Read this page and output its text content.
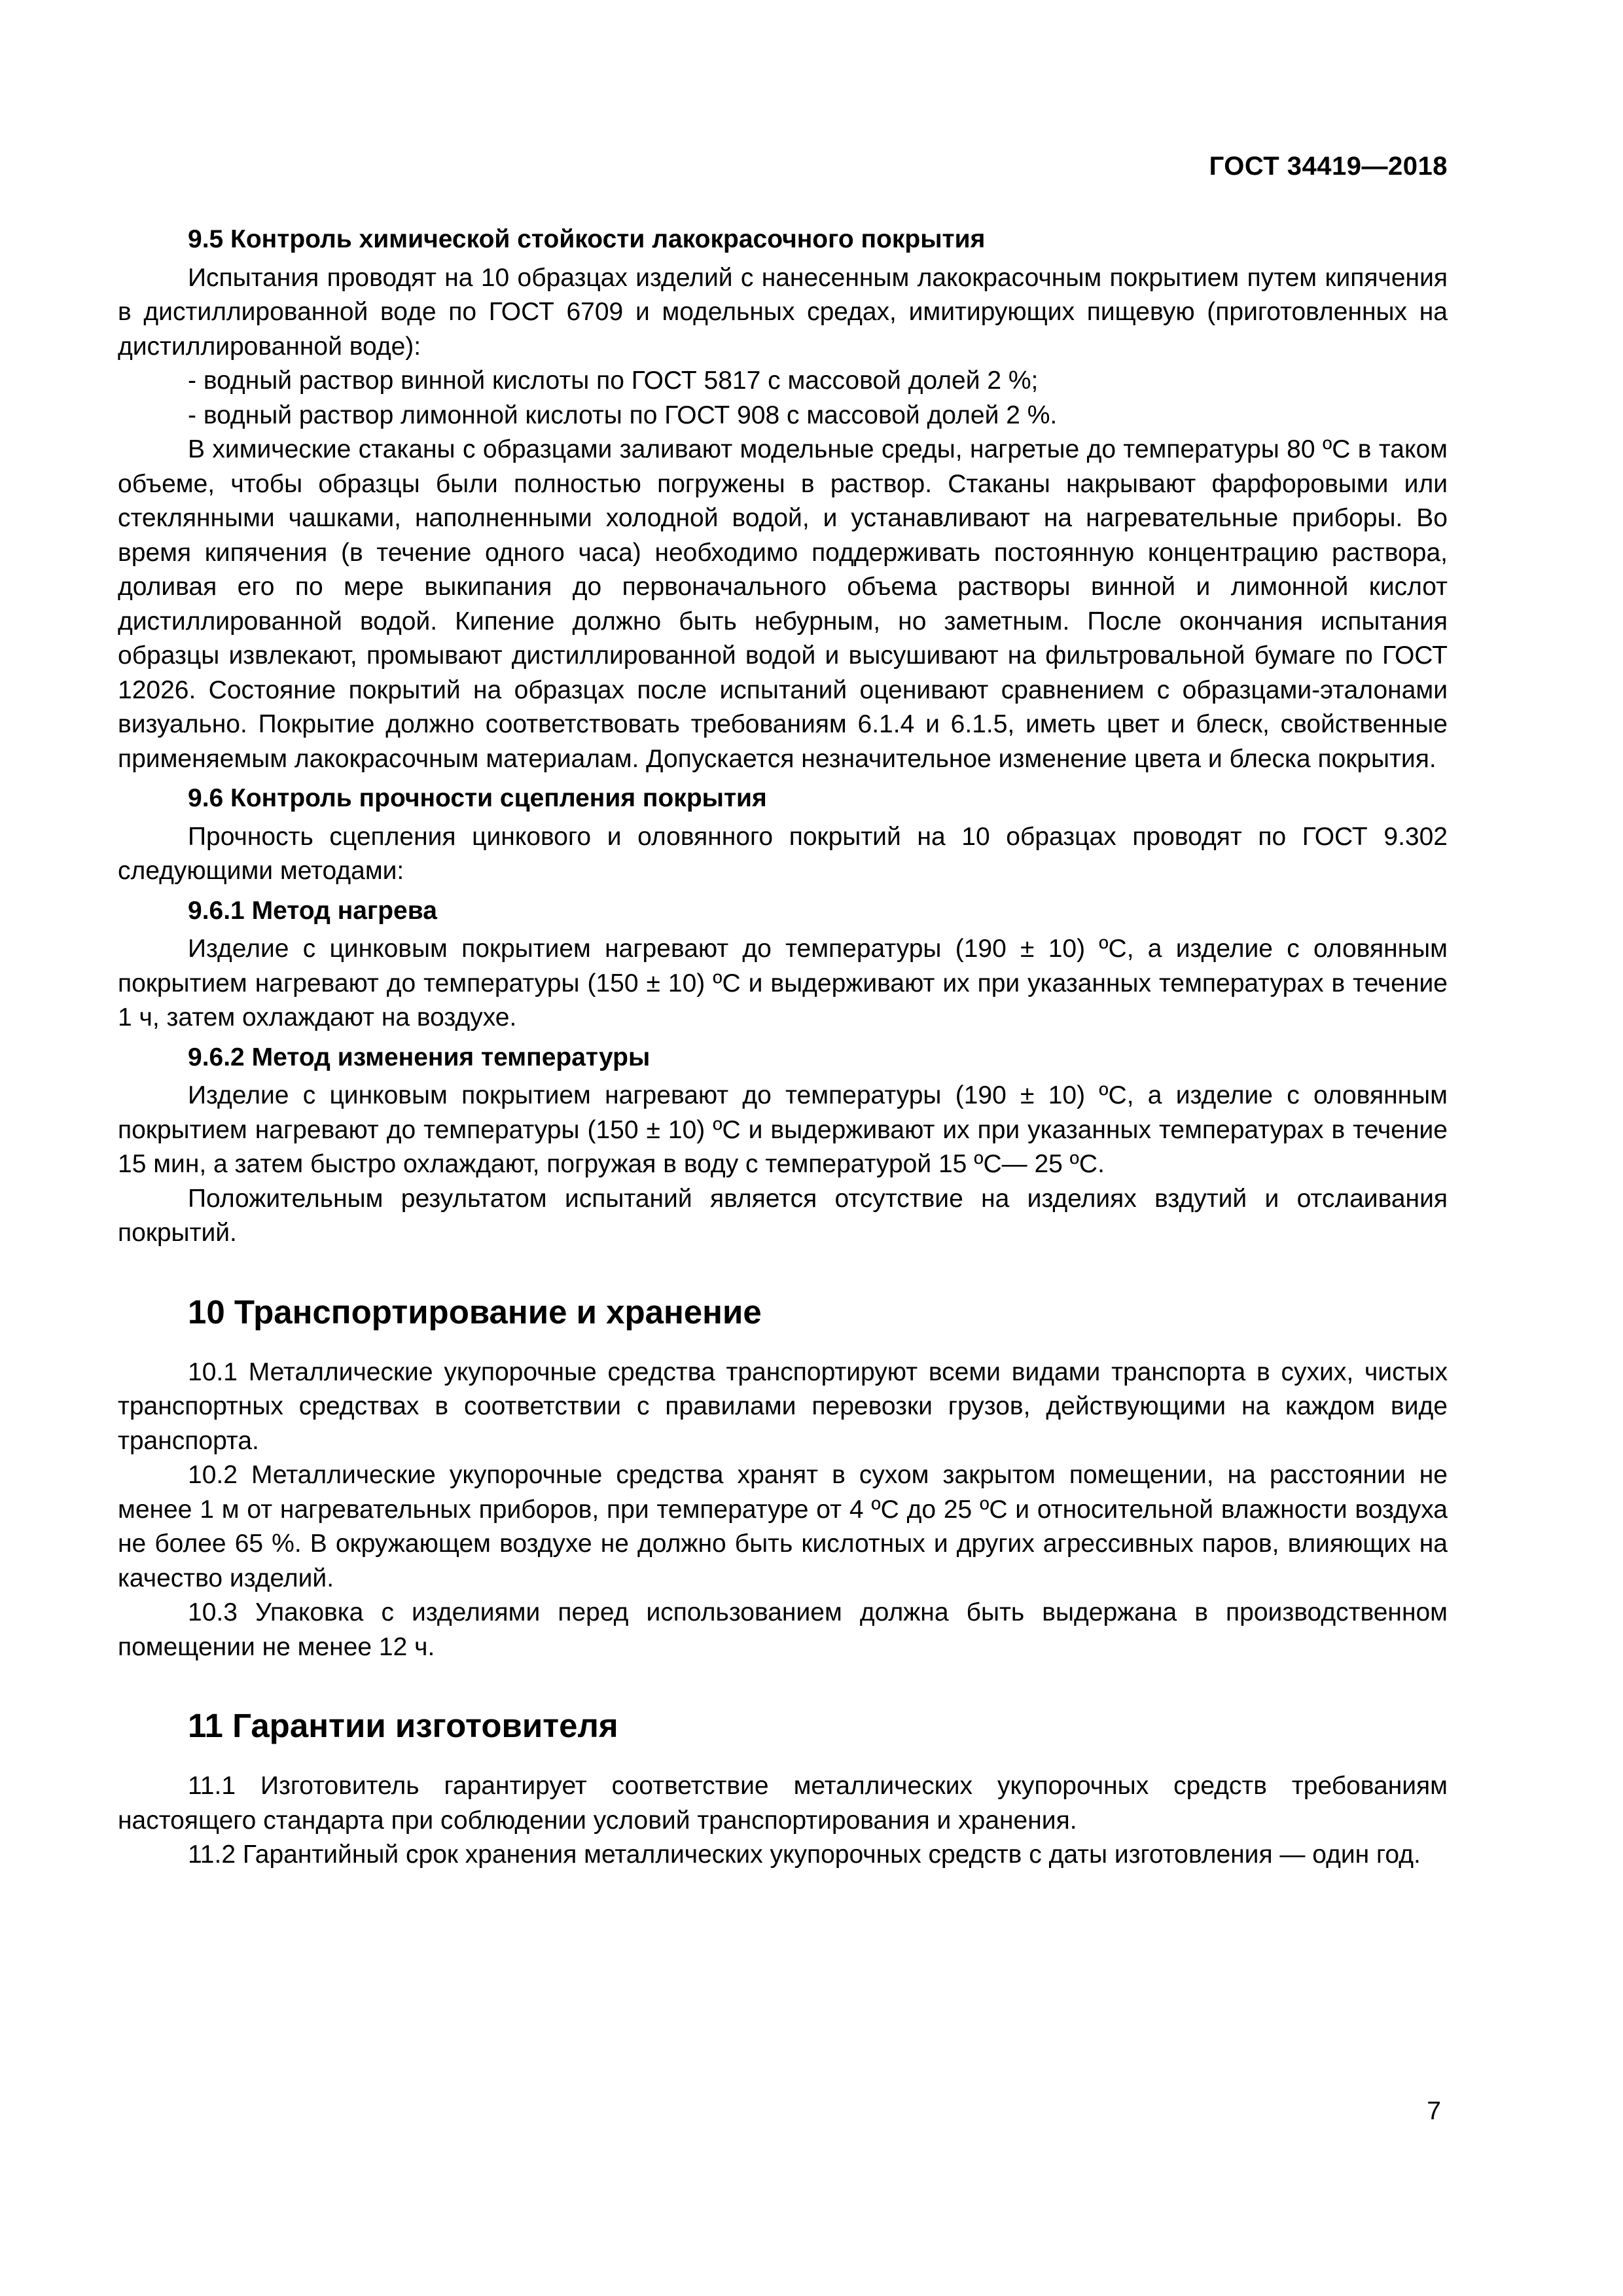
ГОСТ 34419—2018
9.5 Контроль химической стойкости лакокрасочного покрытия

Испытания проводят на 10 образцах изделий с нанесенным лакокрасочным покрытием путем кипячения в дистиллированной воде по ГОСТ 6709 и модельных средах, имитирующих пищевую (приготовленных на дистиллированной воде):

- водный раствор винной кислоты по ГОСТ 5817 с массовой долей 2 %;

- водный раствор лимонной кислоты по ГОСТ 908 с массовой долей 2 %.

В химические стаканы с образцами заливают модельные среды, нагретые до температуры 80 ºС в таком объеме, чтобы образцы были полностью погружены в раствор. Стаканы накрывают фарфоровыми или стеклянными чашками, наполненными холодной водой, и устанавливают на нагревательные приборы. Во время кипячения (в течение одного часа) необходимо поддерживать постоянную концентрацию раствора, доливая его по мере выкипания до первоначального объема растворы винной и лимонной кислот дистиллированной водой. Кипение должно быть небурным, но заметным. После окончания испытания образцы извлекают, промывают дистиллированной водой и высушивают на фильтровальной бумаге по ГОСТ 12026. Состояние покрытий на образцах после испытаний оценивают сравнением с образцами-эталонами визуально. Покрытие должно соответствовать требованиям 6.1.4 и 6.1.5, иметь цвет и блеск, свойственные применяемым лакокрасочным материалам. Допускается незначительное изменение цвета и блеска покрытия.

9.6 Контроль прочности сцепления покрытия

Прочность сцепления цинкового и оловянного покрытий на 10 образцах проводят по ГОСТ 9.302 следующими методами:

9.6.1 Метод нагрева

Изделие с цинковым покрытием нагревают до температуры (190 ± 10) ºС, а изделие с оловянным покрытием нагревают до температуры (150 ± 10) ºС и выдерживают их при указанных температурах в течение 1 ч, затем охлаждают на воздухе.

9.6.2 Метод изменения температуры

Изделие с цинковым покрытием нагревают до температуры (190 ± 10) ºС, а изделие с оловянным покрытием нагревают до температуры (150 ± 10) ºС и выдерживают их при указанных температурах в течение 15 мин, а затем быстро охлаждают, погружая в воду с температурой 15 ºС— 25 ºС.

Положительным результатом испытаний является отсутствие на изделиях вздутий и отслаивания покрытий.

10 Транспортирование и хранение

10.1 Металлические укупорочные средства транспортируют всеми видами транспорта в сухих, чистых транспортных средствах в соответствии с правилами перевозки грузов, действующими на каждом виде транспорта.

10.2 Металлические укупорочные средства хранят в сухом закрытом помещении, на расстоянии не менее 1 м от нагревательных приборов, при температуре от 4 ºС до 25 ºС и относительной влажности воздуха не более 65 %. В окружающем воздухе не должно быть кислотных и других агрессивных паров, влияющих на качество изделий.

10.3 Упаковка с изделиями перед использованием должна быть выдержана в производственном помещении не менее 12 ч.

11 Гарантии изготовителя

11.1 Изготовитель гарантирует соответствие металлических укупорочных средств требованиям настоящего стандарта при соблюдении условий транспортирования и хранения.

11.2 Гарантийный срок хранения металлических укупорочных средств с даты изготовления — один год.

7
